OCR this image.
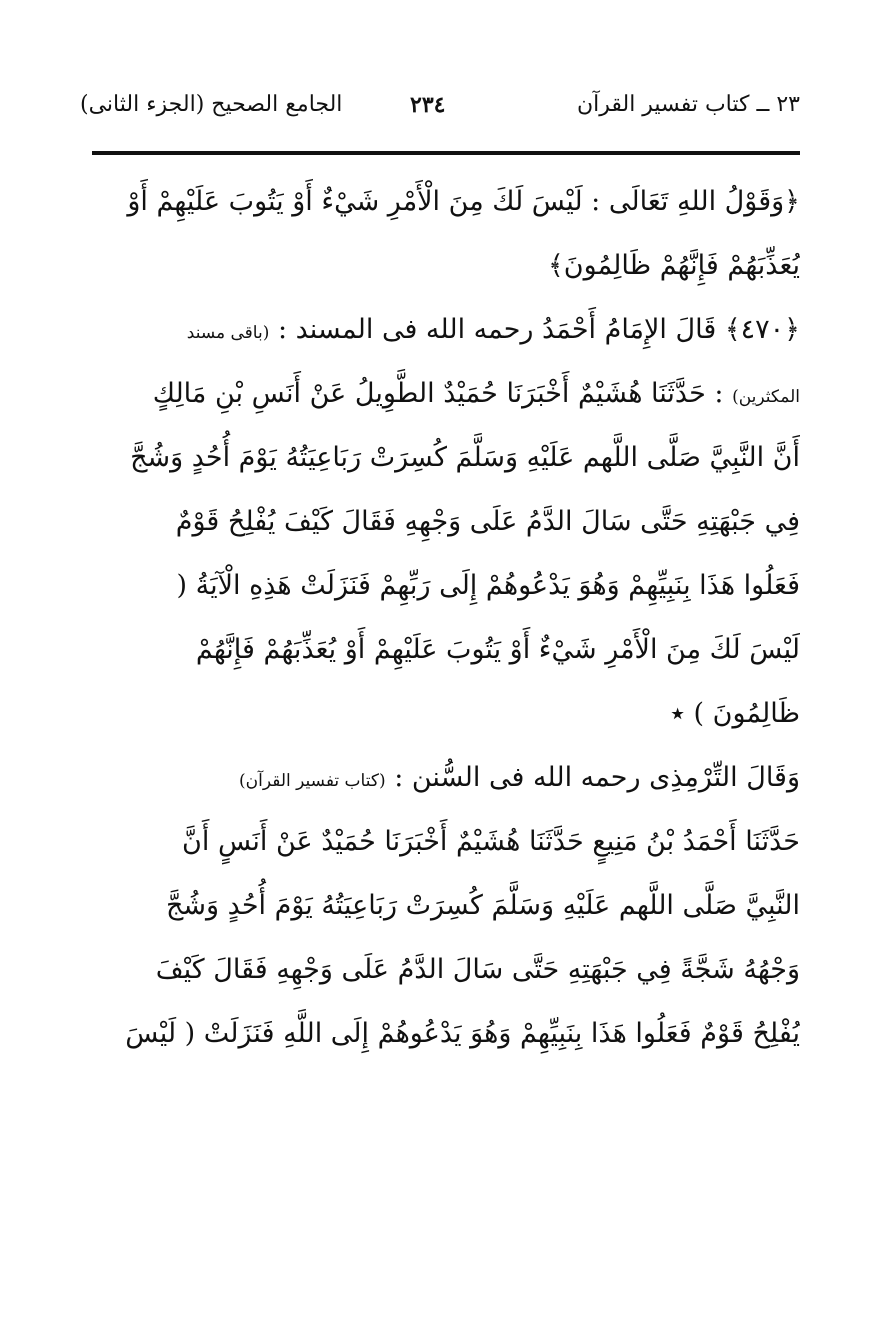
٢٣ ــ كتاب تفسير القرآن
٢٣٤
الجامع الصحيح (الجزء الثانى)
﴿وَقَوْلُ اللهِ تَعَالَى : لَيْسَ لَكَ مِنَ الْأَمْرِ شَيْءٌ أَوْ يَتُوبَ عَلَيْهِمْ أَوْ
يُعَذِّبَهُمْ فَإِنَّهُمْ ظَالِمُونَ﴾
﴿٤٧٠﴾ قَالَ الإِمَامُ أَحْمَدُ رحمه الله فى المسند : (باقى مسند
المكثرين) : حَدَّثَنَا هُشَيْمٌ أَخْبَرَنَا حُمَيْدٌ الطَّوِيلُ عَنْ أَنَسِ بْنِ مَالِكٍ
أَنَّ النَّبِيَّ صَلَّى اللَّهم عَلَيْهِ وَسَلَّمَ كُسِرَتْ رَبَاعِيَتُهُ يَوْمَ أُحُدٍ وَشُجَّ
فِي جَبْهَتِهِ حَتَّى سَالَ الدَّمُ عَلَى وَجْهِهِ فَقَالَ كَيْفَ يُفْلِحُ قَوْمٌ
فَعَلُوا هَذَا بِنَبِيِّهِمْ وَهُوَ يَدْعُوهُمْ إِلَى رَبِّهِمْ فَنَزَلَتْ هَذِهِ الْآيَةُ (
لَيْسَ لَكَ مِنَ الْأَمْرِ شَيْءٌ أَوْ يَتُوبَ عَلَيْهِمْ أَوْ يُعَذِّبَهُمْ فَإِنَّهُمْ
ظَالِمُونَ ) ٭
وَقَالَ التِّرْمِذِى رحمه الله فى السُّنن : (كتاب تفسير القرآن)
حَدَّثَنَا أَحْمَدُ بْنُ مَنِيعٍ حَدَّثَنَا هُشَيْمٌ أَخْبَرَنَا حُمَيْدٌ عَنْ أَنَسٍ أَنَّ
النَّبِيَّ صَلَّى اللَّهم عَلَيْهِ وَسَلَّمَ كُسِرَتْ رَبَاعِيَتُهُ يَوْمَ أُحُدٍ وَشُجَّ
وَجْهُهُ شَجَّةً فِي جَبْهَتِهِ حَتَّى سَالَ الدَّمُ عَلَى وَجْهِهِ فَقَالَ كَيْفَ
يُفْلِحُ قَوْمٌ فَعَلُوا هَذَا بِنَبِيِّهِمْ وَهُوَ يَدْعُوهُمْ إِلَى اللَّهِ فَنَزَلَتْ ( لَيْسَ
